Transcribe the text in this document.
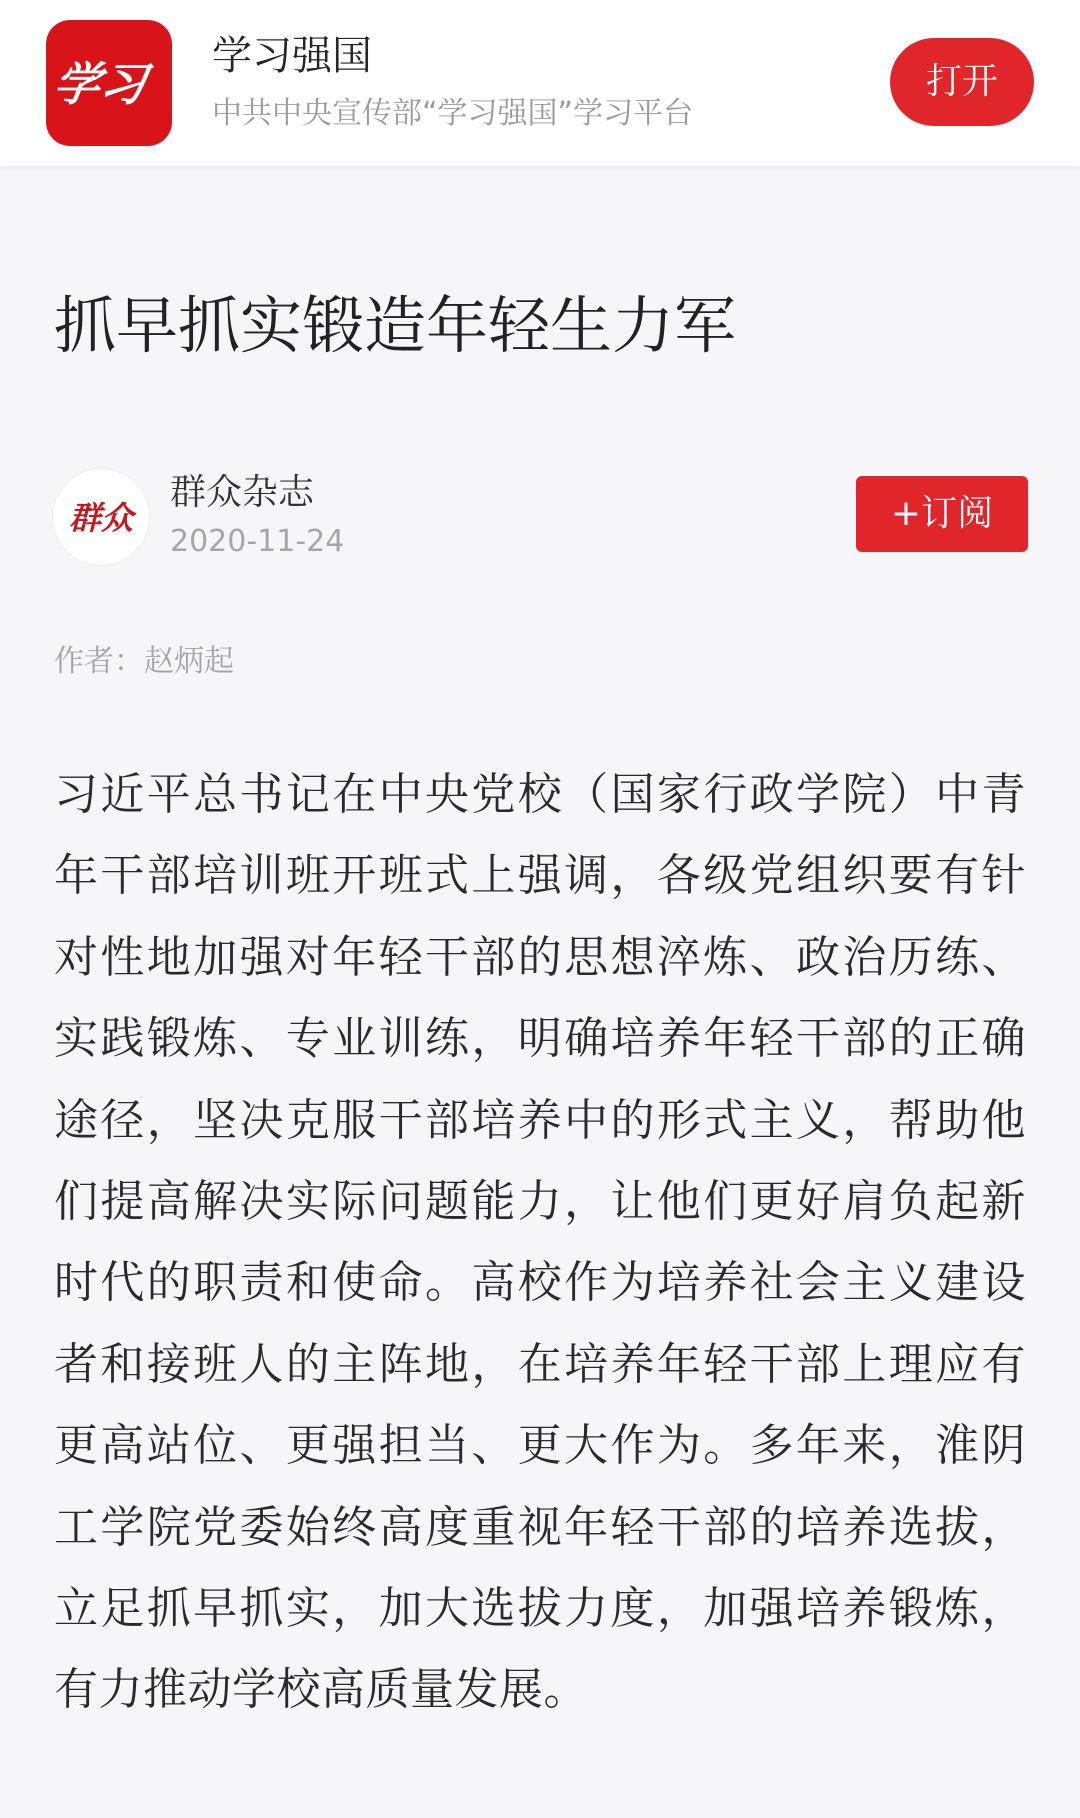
学习
学习强国
中共中央宣传部“学习强国”学习平台
打开
抓早抓实锻造年轻生力军
群众
群众杂志
2020-11-24
+订阅
作者：赵炳起

习近平总书记在中央党校（国家行政学院）中青年干部培训班开班式上强调，各级党组织要有针对性地加强对年轻干部的思想淬炼、政治历练、实践锻炼、专业训练，明确培养年轻干部的正确途径，坚决克服干部培养中的形式主义，帮助他们提高解决实际问题能力，让他们更好肩负起新时代的职责和使命。高校作为培养社会主义建设者和接班人的主阵地，在培养年轻干部上理应有更高站位、更强担当、更大作为。多年来，淮阴工学院党委始终高度重视年轻干部的培养选拔，立足抓早抓实，加大选拔力度，加强培养锻炼，有力推动学校高质量发展。
